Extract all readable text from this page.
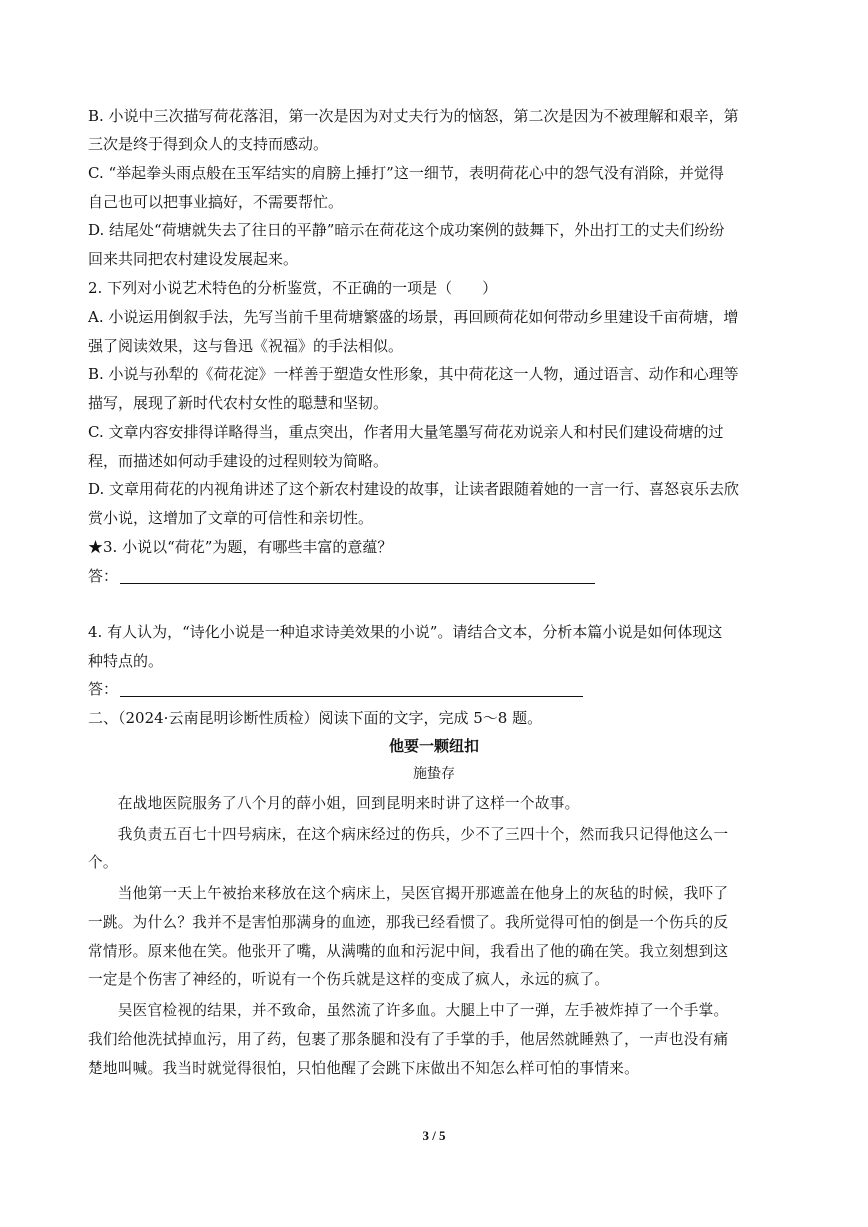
B. 小说中三次描写荷花落泪，第一次是因为对丈夫行为的恼怒，第二次是因为不被理解和艰辛，第
三次是终于得到众人的支持而感动。
C. “举起拳头雨点般在玉军结实的肩膀上捶打”这一细节，表明荷花心中的怨气没有消除，并觉得
自己也可以把事业搞好，不需要帮忙。
D. 结尾处“荷塘就失去了往日的平静”暗示在荷花这个成功案例的鼓舞下，外出打工的丈夫们纷纷
回来共同把农村建设发展起来。
2. 下列对小说艺术特色的分析鉴赏，不正确的一项是（　　）
A. 小说运用倒叙手法，先写当前千里荷塘繁盛的场景，再回顾荷花如何带动乡里建设千亩荷塘，增
强了阅读效果，这与鲁迅《祝福》的手法相似。
B. 小说与孙犁的《荷花淀》一样善于塑造女性形象，其中荷花这一人物，通过语言、动作和心理等
描写，展现了新时代农村女性的聪慧和坚韧。
C. 文章内容安排得详略得当，重点突出，作者用大量笔墨写荷花劝说亲人和村民们建设荷塘的过
程，而描述如何动手建设的过程则较为简略。
D. 文章用荷花的内视角讲述了这个新农村建设的故事，让读者跟随着她的一言一行、喜怒哀乐去欣
赏小说，这增加了文章的可信性和亲切性。
★3. 小说以“荷花”为题，有哪些丰富的意蕴？
答：
4. 有人认为，“诗化小说是一种追求诗美效果的小说”。请结合文本，分析本篇小说是如何体现这
种特点的。
答：
二、（2024·云南昆明诊断性质检）阅读下面的文字，完成 5～8 题。
他要一颗纽扣
施蛰存
　　在战地医院服务了八个月的薛小姐，回到昆明来时讲了这样一个故事。
　　我负责五百七十四号病床，在这个病床经过的伤兵，少不了三四十个，然而我只记得他这么一
个。
　　当他第一天上午被抬来移放在这个病床上，吴医官揭开那遮盖在他身上的灰毡的时候，我吓了
一跳。为什么？我并不是害怕那满身的血迹，那我已经看惯了。我所觉得可怕的倒是一个伤兵的反
常情形。原来他在笑。他张开了嘴，从满嘴的血和污泥中间，我看出了他的确在笑。我立刻想到这
一定是个伤害了神经的，听说有一个伤兵就是这样的变成了疯人，永远的疯了。
　　吴医官检视的结果，并不致命，虽然流了许多血。大腿上中了一弹，左手被炸掉了一个手掌。
我们给他洗拭掉血污，用了药，包裹了那条腿和没有了手掌的手，他居然就睡熟了，一声也没有痛
楚地叫喊。我当时就觉得很怕，只怕他醒了会跳下床做出不知怎么样可怕的事情来。
3 / 5
